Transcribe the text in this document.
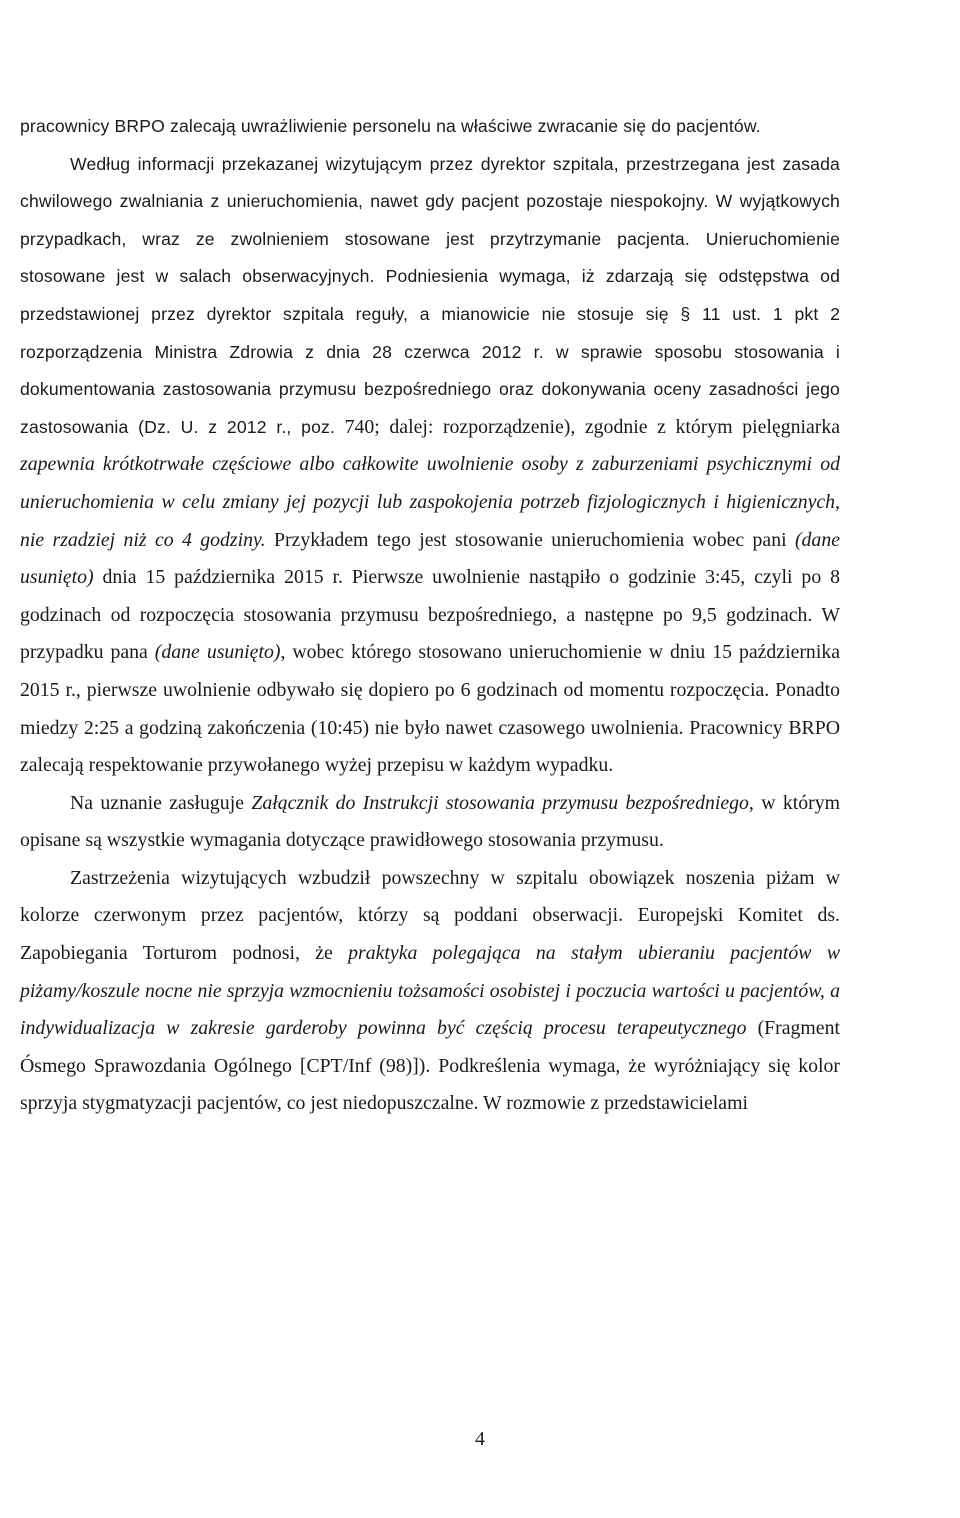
pracownicy BRPO zalecają uwrażliwienie personelu na właściwe zwracanie się do pacjentów.

Według informacji przekazanej wizytującym przez dyrektor szpitala, przestrzegana jest zasada chwilowego zwalniania z unieruchomienia, nawet gdy pacjent pozostaje niespokojny. W wyjątkowych przypadkach, wraz ze zwolnieniem stosowane jest przytrzymanie pacjenta. Unieruchomienie stosowane jest w salach obserwacyjnych. Podniesienia wymaga, iż zdarzają się odstępstwa od przedstawionej przez dyrektor szpitala reguły, a mianowicie nie stosuje się § 11 ust. 1 pkt 2 rozporządzenia Ministra Zdrowia z dnia 28 czerwca 2012 r. w sprawie sposobu stosowania i dokumentowania zastosowania przymusu bezpośredniego oraz dokonywania oceny zasadności jego zastosowania (Dz. U. z 2012 r., poz. 740; dalej: rozporządzenie), zgodnie z którym pielęgniarka zapewnia krótkotrwałe częściowe albo całkowite uwolnienie osoby z zaburzeniami psychicznymi od unieruchomienia w celu zmiany jej pozycji lub zaspokojenia potrzeb fizjologicznych i higienicznych, nie rzadziej niż co 4 godziny. Przykładem tego jest stosowanie unieruchomienia wobec pani (dane usunięto) dnia 15 października 2015 r. Pierwsze uwolnienie nastąpiło o godzinie 3:45, czyli po 8 godzinach od rozpoczęcia stosowania przymusu bezpośredniego, a następne po 9,5 godzinach. W przypadku pana (dane usunięto), wobec którego stosowano unieruchomienie w dniu 15 października 2015 r., pierwsze uwolnienie odbywało się dopiero po 6 godzinach od momentu rozpoczęcia. Ponadto miedzy 2:25 a godziną zakończenia (10:45) nie było nawet czasowego uwolnienia. Pracownicy BRPO zalecają respektowanie przywołanego wyżej przepisu w każdym wypadku.

Na uznanie zasługuje Załącznik do Instrukcji stosowania przymusu bezpośredniego, w którym opisane są wszystkie wymagania dotyczące prawidłowego stosowania przymusu.

Zastrzeżenia wizytujących wzbudził powszechny w szpitalu obowiązek noszenia piżam w kolorze czerwonym przez pacjentów, którzy są poddani obserwacji. Europejski Komitet ds. Zapobiegania Torturom podnosi, że praktyka polegająca na stałym ubieraniu pacjentów w piżamy/koszule nocne nie sprzyja wzmocnieniu tożsamości osobistej i poczucia wartości u pacjentów, a indywidualizacja w zakresie garderoby powinna być częścią procesu terapeutycznego (Fragment Ósmego Sprawozdania Ogólnego [CPT/Inf (98)]). Podkreślenia wymaga, że wyróżniający się kolor sprzyja stygmatyzacji pacjentów, co jest niedopuszczalne. W rozmowie z przedstawicielami

4
